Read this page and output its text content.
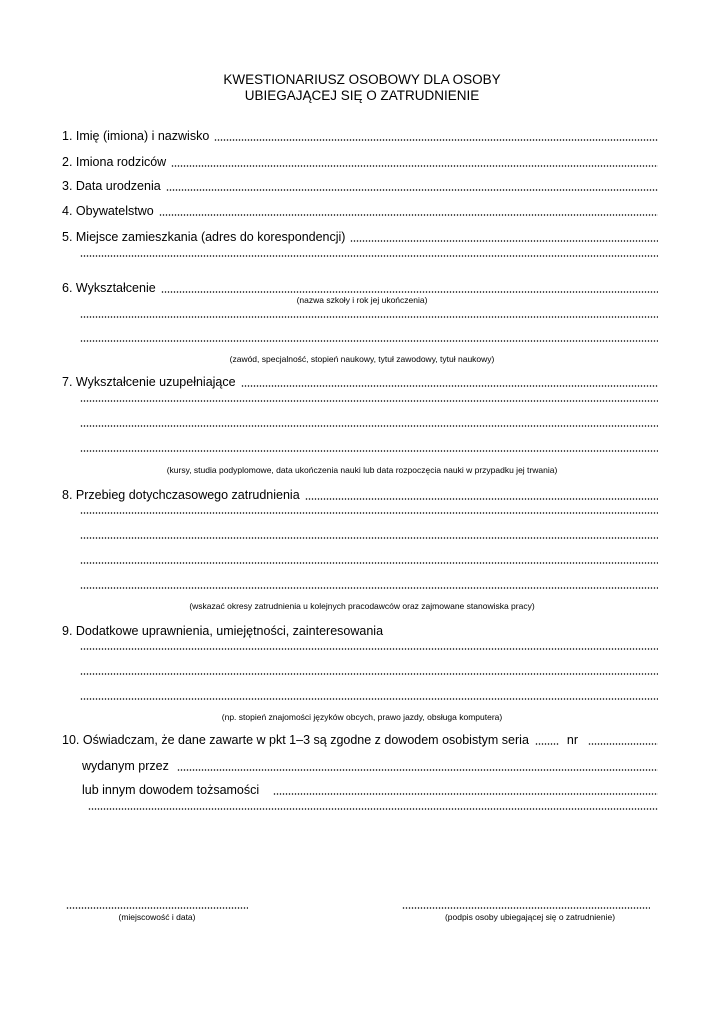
KWESTIONARIUSZ OSOBOWY DLA OSOBY
UBIEGAJĄCEJ SIĘ O ZATRUDNIENIE
1. Imię (imiona) i nazwisko
2. Imiona rodziców
3. Data urodzenia
4. Obywatelstwo
5. Miejsce zamieszkania (adres do korespondencji)
6. Wykształcenie
(nazwa szkoły i rok jej ukończenia)
(zawód, specjalność, stopień naukowy, tytuł zawodowy, tytuł naukowy)
7. Wykształcenie uzupełniające
(kursy, studia podyplomowe, data ukończenia nauki lub data rozpoczęcia nauki w przypadku jej trwania)
8. Przebieg dotychczasowego zatrudnienia
(wskazać okresy zatrudnienia u kolejnych pracodawców oraz zajmowane stanowiska pracy)
9. Dodatkowe uprawnienia, umiejętności, zainteresowania
(np. stopień znajomości języków obcych, prawo jazdy, obsługa komputera)
10. Oświadczam, że dane zawarte w pkt 1–3 są zgodne z dowodem osobistym seria	nr
wydanym przez
lub innym dowodem tożsamości
(miejscowość i data)	(podpis osoby ubiegającej się o zatrudnienie)
